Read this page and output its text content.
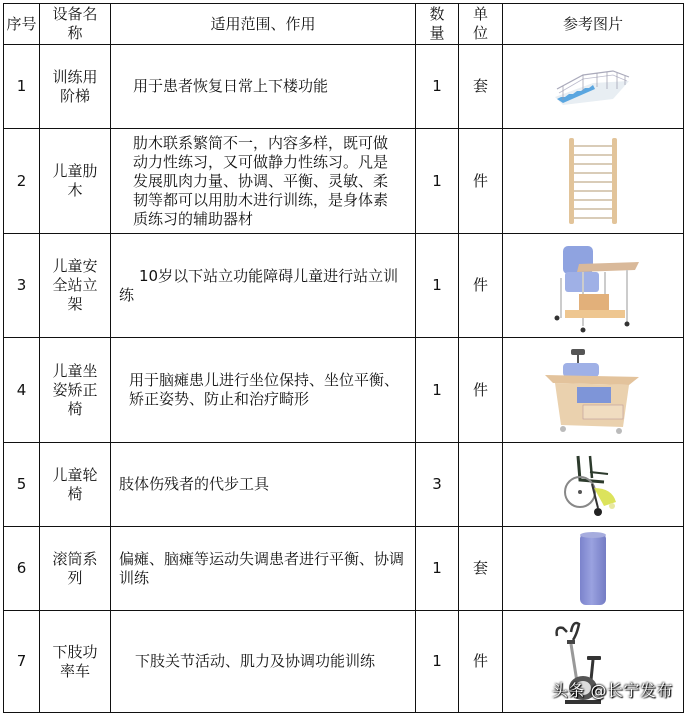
序号	设备名称	适用范围、作用	数量	单位	参考图片
1	训练用阶梯	用于患者恢复日常上下楼功能	1	套	
2	儿童肋木	肋木联系繁简不一，内容多样，既可做动力性练习，又可做静力性练习。凡是发展肌肉力量、协调、平衡、灵敏、柔韧等都可以用肋木进行训练，是身体素质练习的辅助器材	1	件	
3	儿童安全站立架	10岁以下站立功能障碍儿童进行站立训练	1	件	
4	儿童坐姿矫正椅	用于脑瘫患儿进行坐位保持、坐位平衡、矫正姿势、防止和治疗畸形	1	件	
5	儿童轮椅	肢体伤残者的代步工具	3		
6	滚筒系列	偏瘫、脑瘫等运动失调患者进行平衡、协调训练	1	套	
7	下肢功率车	下肢关节活动、肌力及协调功能训练	1	件	头条 @长宁发布
